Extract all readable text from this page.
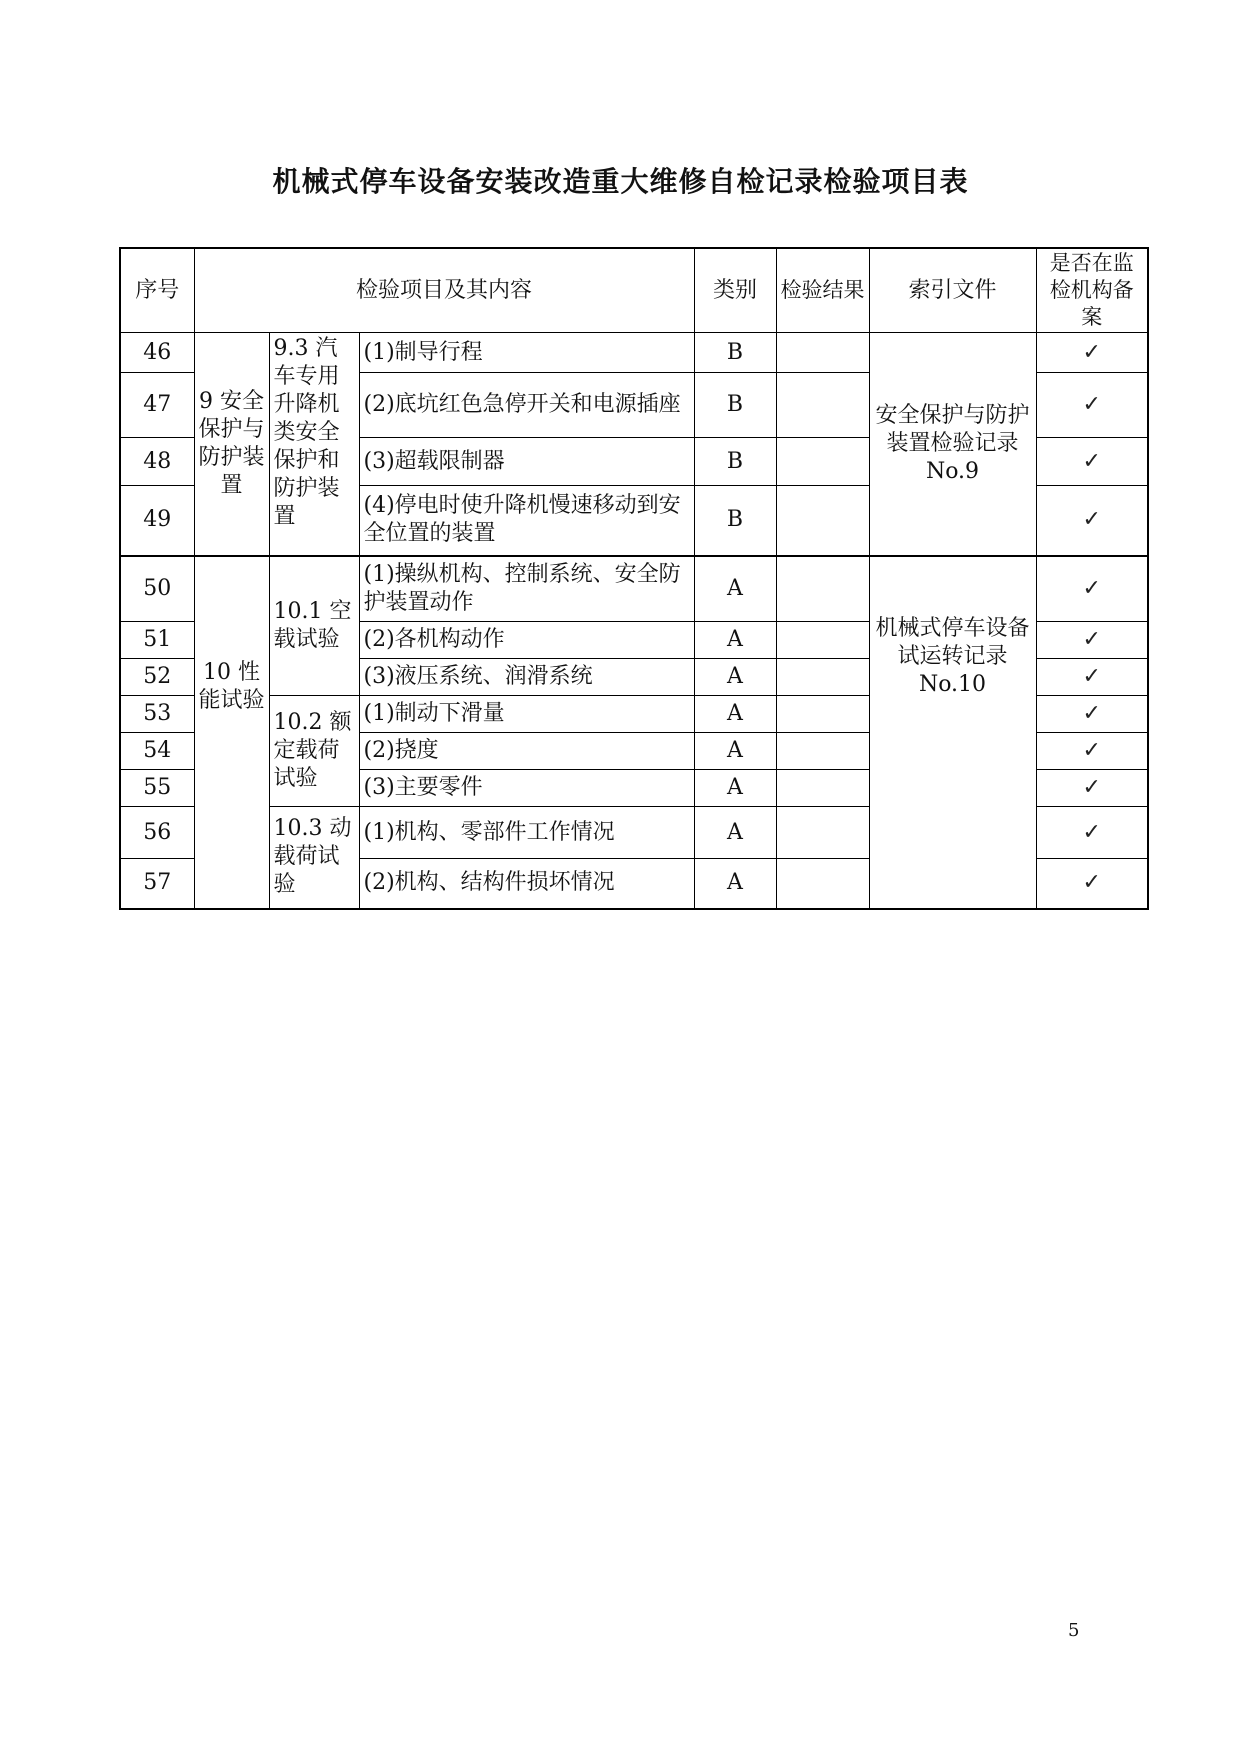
机械式停车设备安装改造重大维修自检记录检验项目表
序号	检验项目及其内容			类别	检验结果	索引文件	是否在监检机构备案
46	9 安全保护与防护装置	9.3 汽车专用升降机类安全保护和防护装置	(1)制导行程	B		安全保护与防护装置检验记录No.9	✓
47			(2)底坑红色急停开关和电源插座	B			✓
48			(3)超载限制器	B			✓
49			(4)停电时使升降机慢速移动到安全位置的装置	B			✓
50	10 性能试验	10.1 空载试验	(1)操纵机构、控制系统、安全防护装置动作	A		机械式停车设备试运转记录No.10	✓
51			(2)各机构动作	A			✓
52			(3)液压系统、润滑系统	A			✓
53		10.2 额定载荷试验	(1)制动下滑量	A			✓
54			(2)挠度	A			✓
55			(3)主要零件	A			✓
56		10.3 动载荷试验	(1)机构、零部件工作情况	A			✓
57			(2)机构、结构件损坏情况	A			✓
5
